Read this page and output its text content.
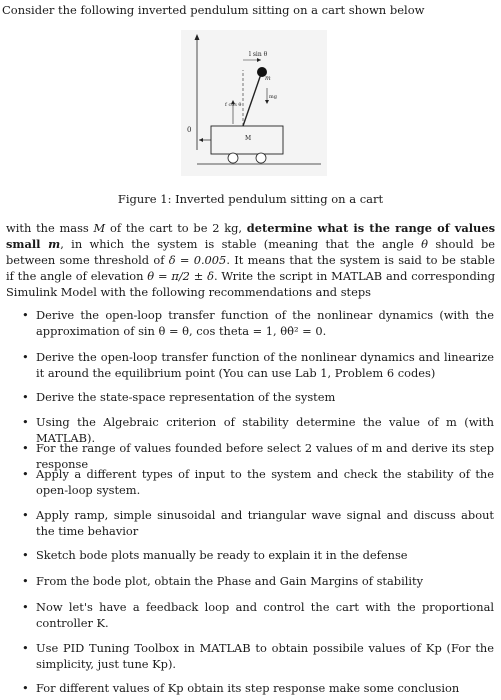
Consider the following inverted pendulum sitting on a cart shown below
0
l sin θ
f cos θ
m
mg
M
Figure 1: Inverted pendulum sitting on a cart
with the mass M of the cart to be 2 kg, determine what is the range of values small m, in which the system is stable (meaning that the angle θ should be between some threshold of δ = 0.005. It means that the system is said to be stable if the angle of elevation θ = π/2 ± δ. Write the script in MATLAB and corresponding Simulink Model with the following recommendations and steps
• Derive the open-loop transfer function of the nonlinear dynamics (with the approximation of sin θ = θ, cos theta = 1, θθ̇² = 0.
• Derive the open-loop transfer function of the nonlinear dynamics and linearize it around the equilibrium point (You can use Lab 1, Problem 6 codes)
• Derive the state-space representation of the system
• Using the Algebraic criterion of stability determine the value of m (with MATLAB).
• For the range of values founded before select 2 values of m and derive its step response
• Apply a different types of input to the system and check the stability of the open-loop system.
• Apply ramp, simple sinusoidal and triangular wave signal and discuss about the time behavior
• Sketch bode plots manually be ready to explain it in the defense
• From the bode plot, obtain the Phase and Gain Margins of stability
• Now let's have a feedback loop and control the cart with the proportional controller K.
• Use PID Tuning Toolbox in MATLAB to obtain possibile values of Kp (For the simplicity, just tune Kp).
• For different values of Kp obtain its step response make some conclusion
